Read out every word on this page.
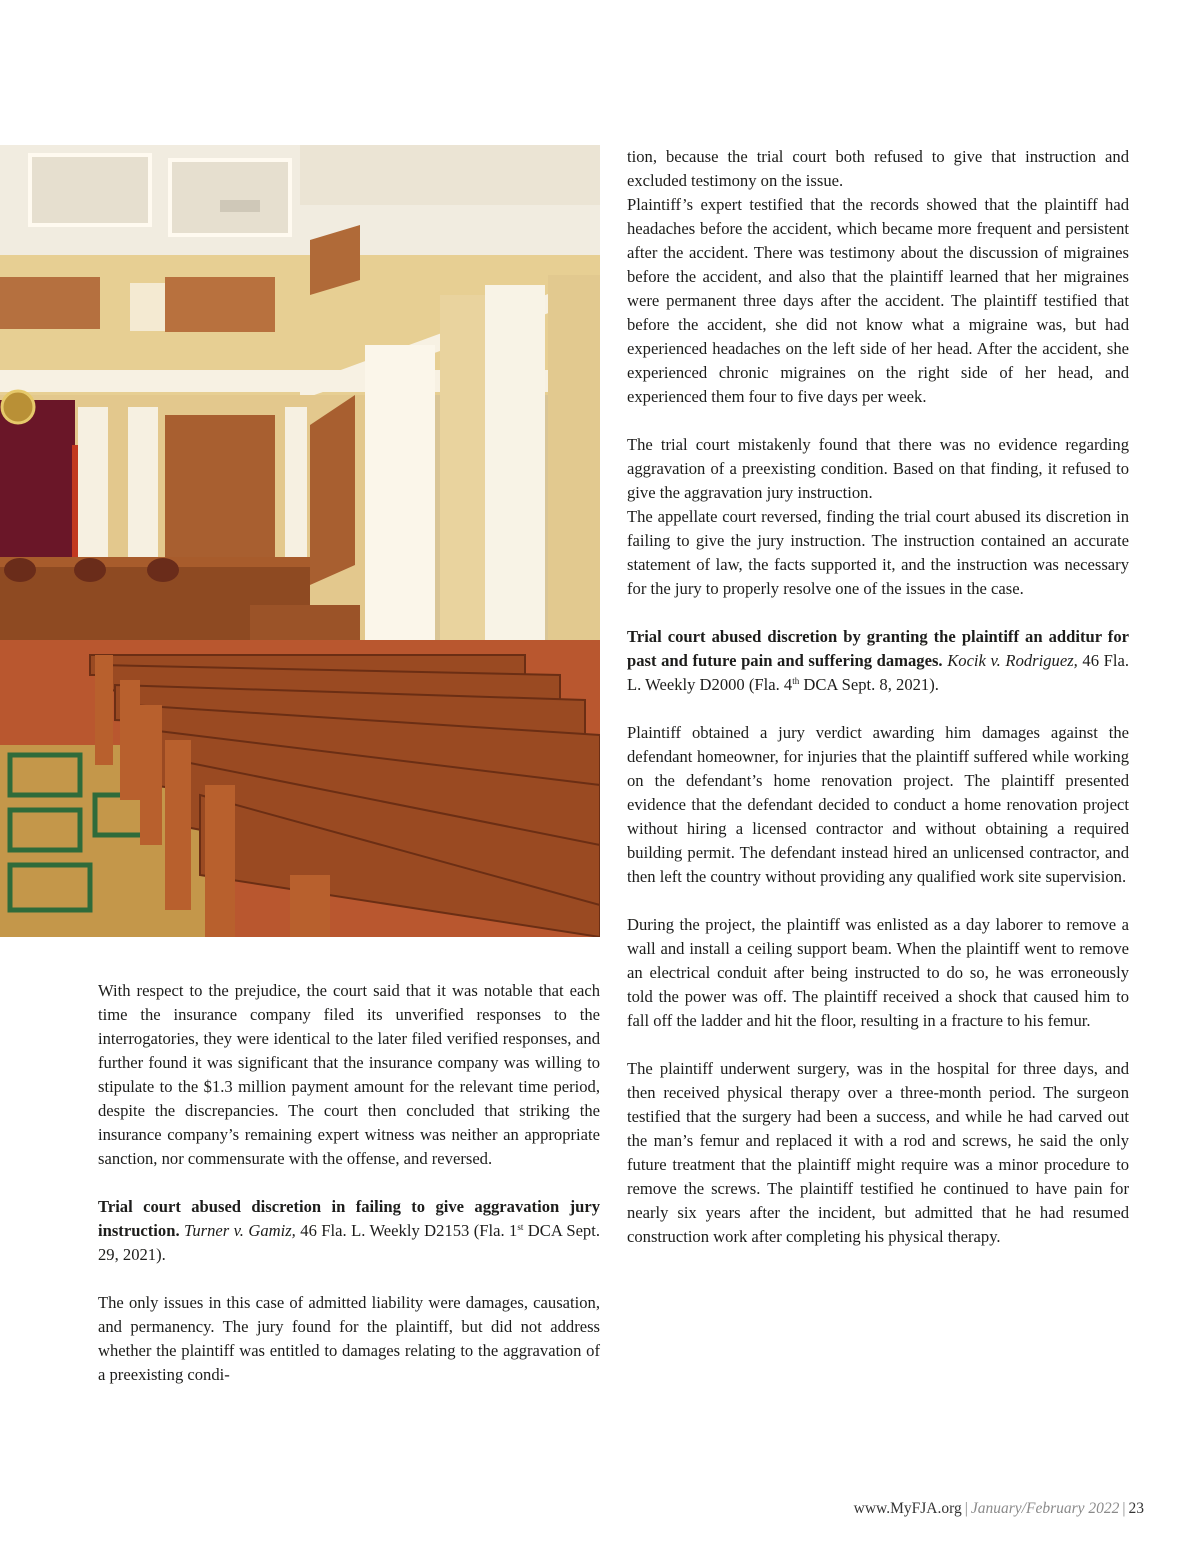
With respect to the prejudice, the court said that it was notable that each time the insurance company filed its unverified responses to the interrogatories, they were identical to the later filed verified responses, and further found it was significant that the insurance company was willing to stipulate to the $1.3 million payment amount for the relevant time period, despite the discrepancies. The court then concluded that striking the insurance company’s remaining expert witness was neither an appropriate sanction, nor commensurate with the offense, and reversed.

Trial court abused discretion in failing to give aggravation jury instruction. Turner v. Gamiz, 46 Fla. L. Weekly D2153 (Fla. 1st DCA Sept. 29, 2021).

The only issues in this case of admitted liability were damages, causation, and permanency. The jury found for the plaintiff, but did not address whether the plaintiff was entitled to damages relating to the aggravation of a preexisting condi-

tion, because the trial court both refused to give that instruction and excluded testimony on the issue.

Plaintiff’s expert testified that the records showed that the plaintiff had headaches before the accident, which became more frequent and persistent after the accident. There was testimony about the discussion of migraines before the accident, and also that the plaintiff learned that her migraines were permanent three days after the accident. The plaintiff testified that before the accident, she did not know what a migraine was, but had experienced headaches on the left side of her head. After the accident, she experienced chronic migraines on the right side of her head, and experienced them four to five days per week.

The trial court mistakenly found that there was no evidence regarding aggravation of a preexisting condition. Based on that finding, it refused to give the aggravation jury instruction.

The appellate court reversed, finding the trial court abused its discretion in failing to give the jury instruction. The instruction contained an accurate statement of law, the facts supported it, and the instruction was necessary for the jury to properly resolve one of the issues in the case.

Trial court abused discretion by granting the plaintiff an additur for past and future pain and suffering damages. Kocik v. Rodriguez, 46 Fla. L. Weekly D2000 (Fla. 4th DCA Sept. 8, 2021).

Plaintiff obtained a jury verdict awarding him damages against the defendant homeowner, for injuries that the plaintiff suffered while working on the defendant’s home renovation project. The plaintiff presented evidence that the defendant decided to conduct a home renovation project without hiring a licensed contractor and without obtaining a required building permit. The defendant instead hired an unlicensed contractor, and then left the country without providing any qualified work site supervision.

During the project, the plaintiff was enlisted as a day laborer to remove a wall and install a ceiling support beam. When the plaintiff went to remove an electrical conduit after being instructed to do so, he was erroneously told the power was off. The plaintiff received a shock that caused him to fall off the ladder and hit the floor, resulting in a fracture to his femur.

The plaintiff underwent surgery, was in the hospital for three days, and then received physical therapy over a three-month period. The surgeon testified that the surgery had been a success, and while he had carved out the man’s femur and replaced it with a rod and screws, he said the only future treatment that the plaintiff might require was a minor procedure to remove the screws. The plaintiff testified he continued to have pain for nearly six years after the incident, but admitted that he had resumed construction work after completing his physical therapy.

www.MyFJA.org | January/February 2022 | 23
